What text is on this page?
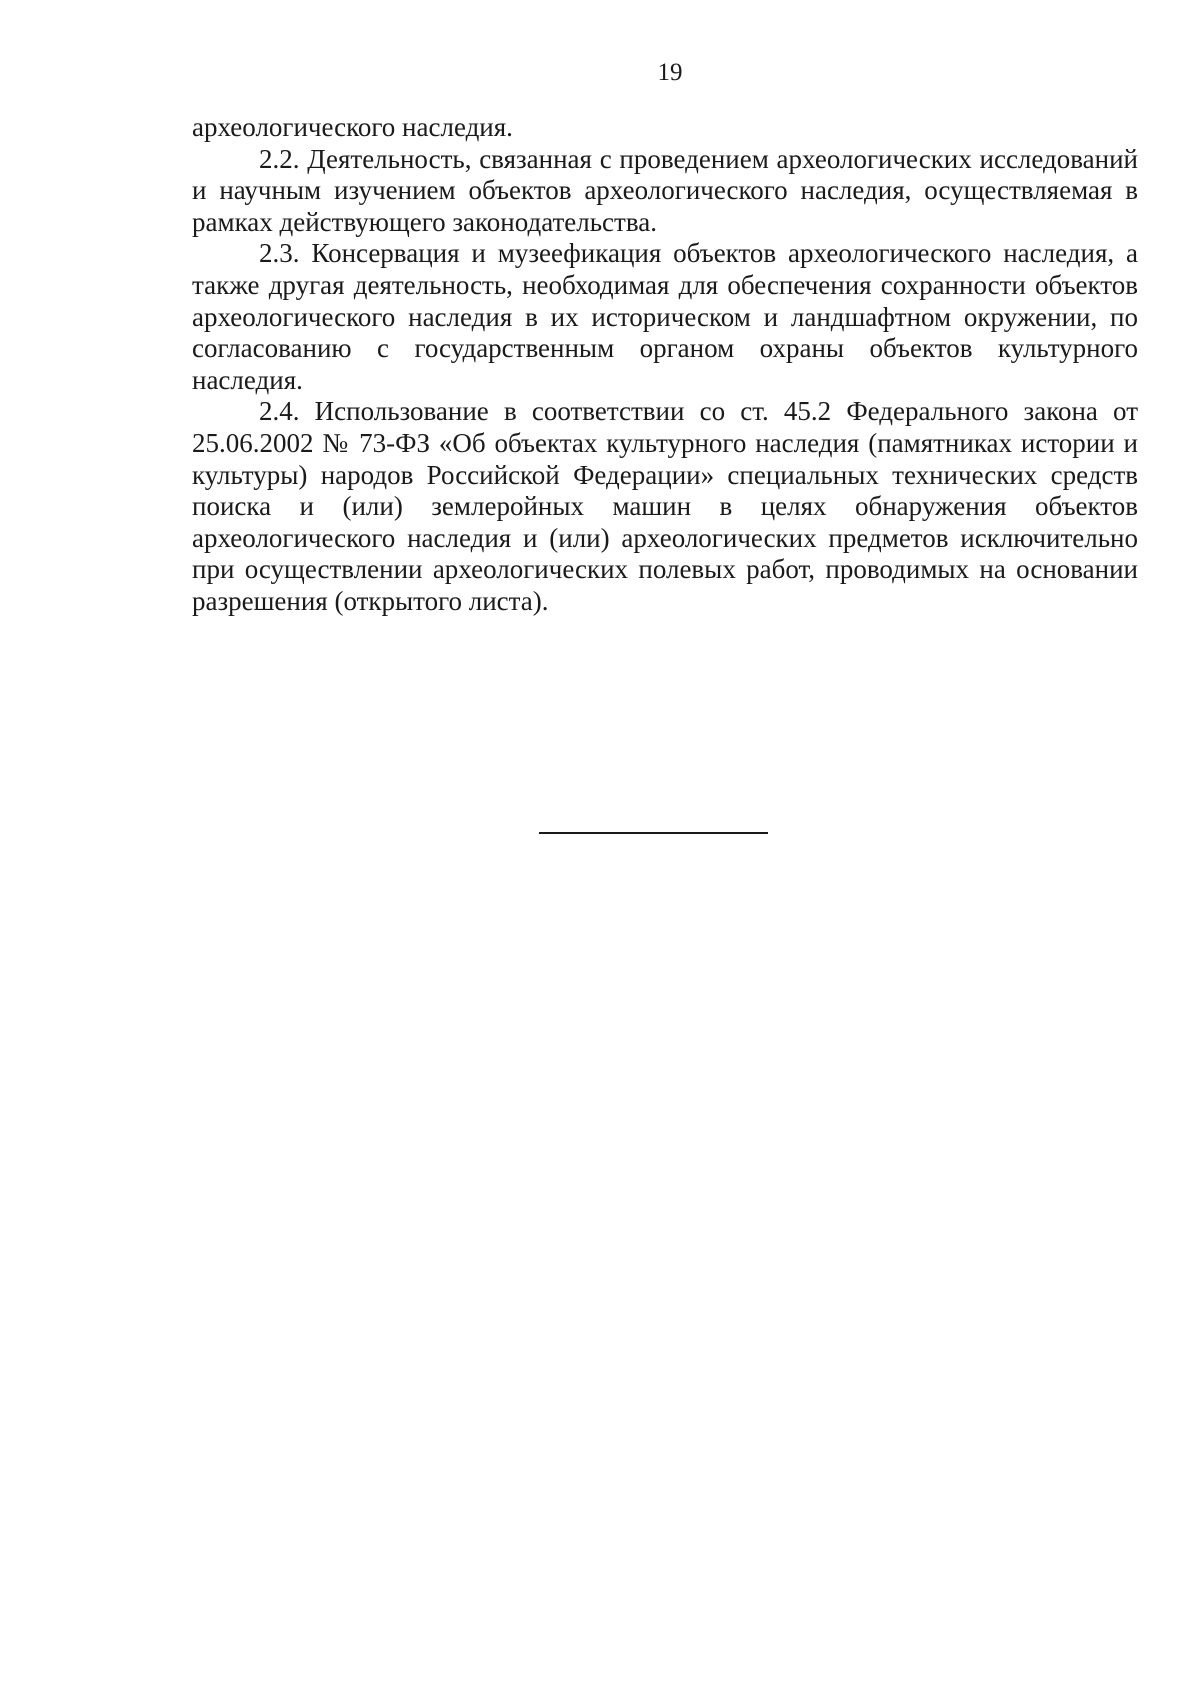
19

археологического наследия.

2.2. Деятельность, связанная с проведением археологических исследований и научным изучением объектов археологического наследия, осуществляемая в рамках действующего законодательства.

2.3. Консервация и музеефикация объектов археологического наследия, а также другая деятельность, необходимая для обеспечения сохранности объектов археологического наследия в их историческом и ландшафтном окружении, по согласованию с государственным органом охраны объектов культурного наследия.

2.4. Использование в соответствии со ст. 45.2 Федерального закона от 25.06.2002 № 73-ФЗ «Об объектах культурного наследия (памятниках истории и культуры) народов Российской Федерации» специальных технических средств поиска и (или) землеройных машин в целях обнаружения объектов археологического наследия и (или) археологических предметов исключительно при осуществлении археологических полевых работ, проводимых на основании разрешения (открытого листа).
